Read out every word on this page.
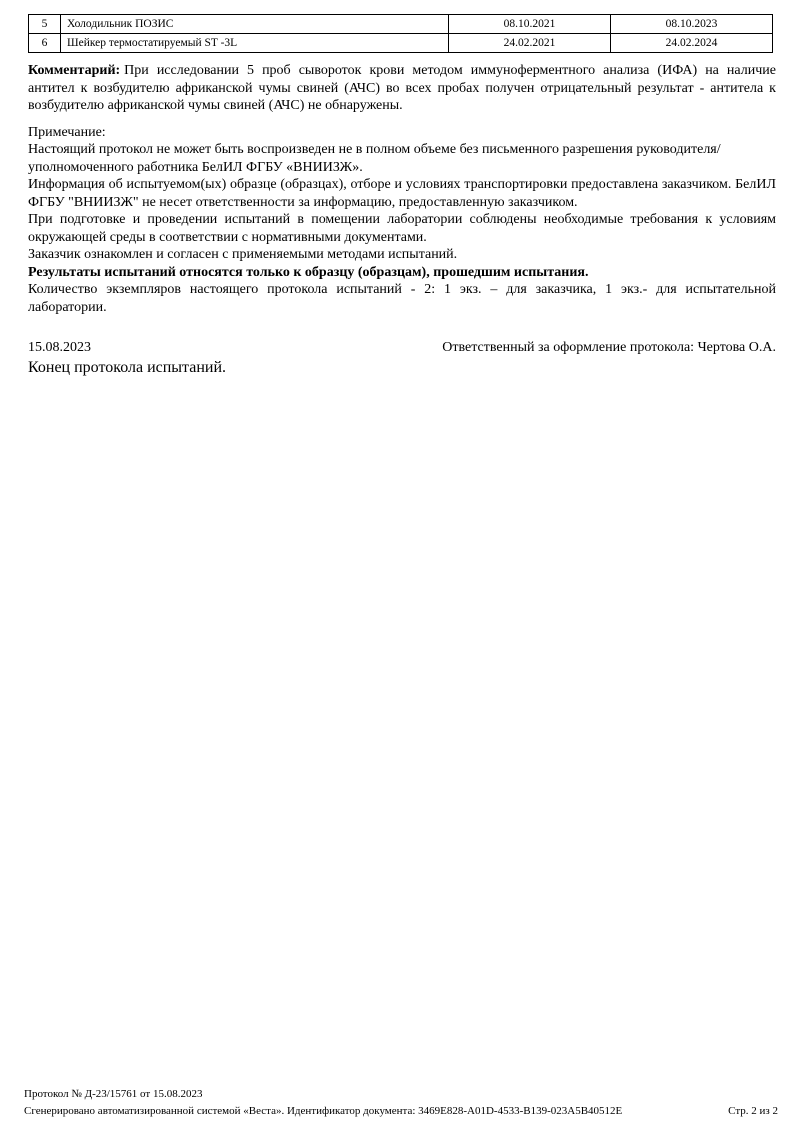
5	Холодильник ПОЗИС	08.10.2021	08.10.2023
6	Шейкер термостатируемый ST -3L	24.02.2021	24.02.2024

Комментарий: При исследовании 5 проб сывороток крови методом иммуноферментного анализа (ИФА) на наличие антител к возбудителю африканской чумы свиней (АЧС) во всех пробах получен отрицательный результат - антитела к возбудителю африканской чумы свиней (АЧС) не обнаружены.

Примечание:

Настоящий протокол не может быть воспроизведен не в полном объеме без письменного разрешения руководителя/уполномоченного работника БелИЛ ФГБУ «ВНИИЗЖ».

Информация об испытуемом(ых) образце (образцах), отборе и условиях транспортировки предоставлена заказчиком. БелИЛ ФГБУ "ВНИИЗЖ" не несет ответственности за информацию, предоставленную заказчиком.

При подготовке и проведении испытаний в помещении лаборатории соблюдены необходимые требования к условиям окружающей среды в соответствии с нормативными документами.

Заказчик ознакомлен и согласен с применяемыми методами испытаний.

Результаты испытаний относятся только к образцу (образцам), прошедшим испытания.

Количество экземпляров настоящего протокола испытаний - 2: 1 экз. – для заказчика, 1 экз.- для испытательной лаборатории.

15.08.2023	Ответственный за оформление протокола: Чертова О.А.
Конец протокола испытаний.
Протокол № Д-23/15761 от 15.08.2023
Сгенерировано автоматизированной системой «Веста». Идентификатор документа: 3469E828-A01D-4533-B139-023A5B40512E	Стр. 2 из 2
